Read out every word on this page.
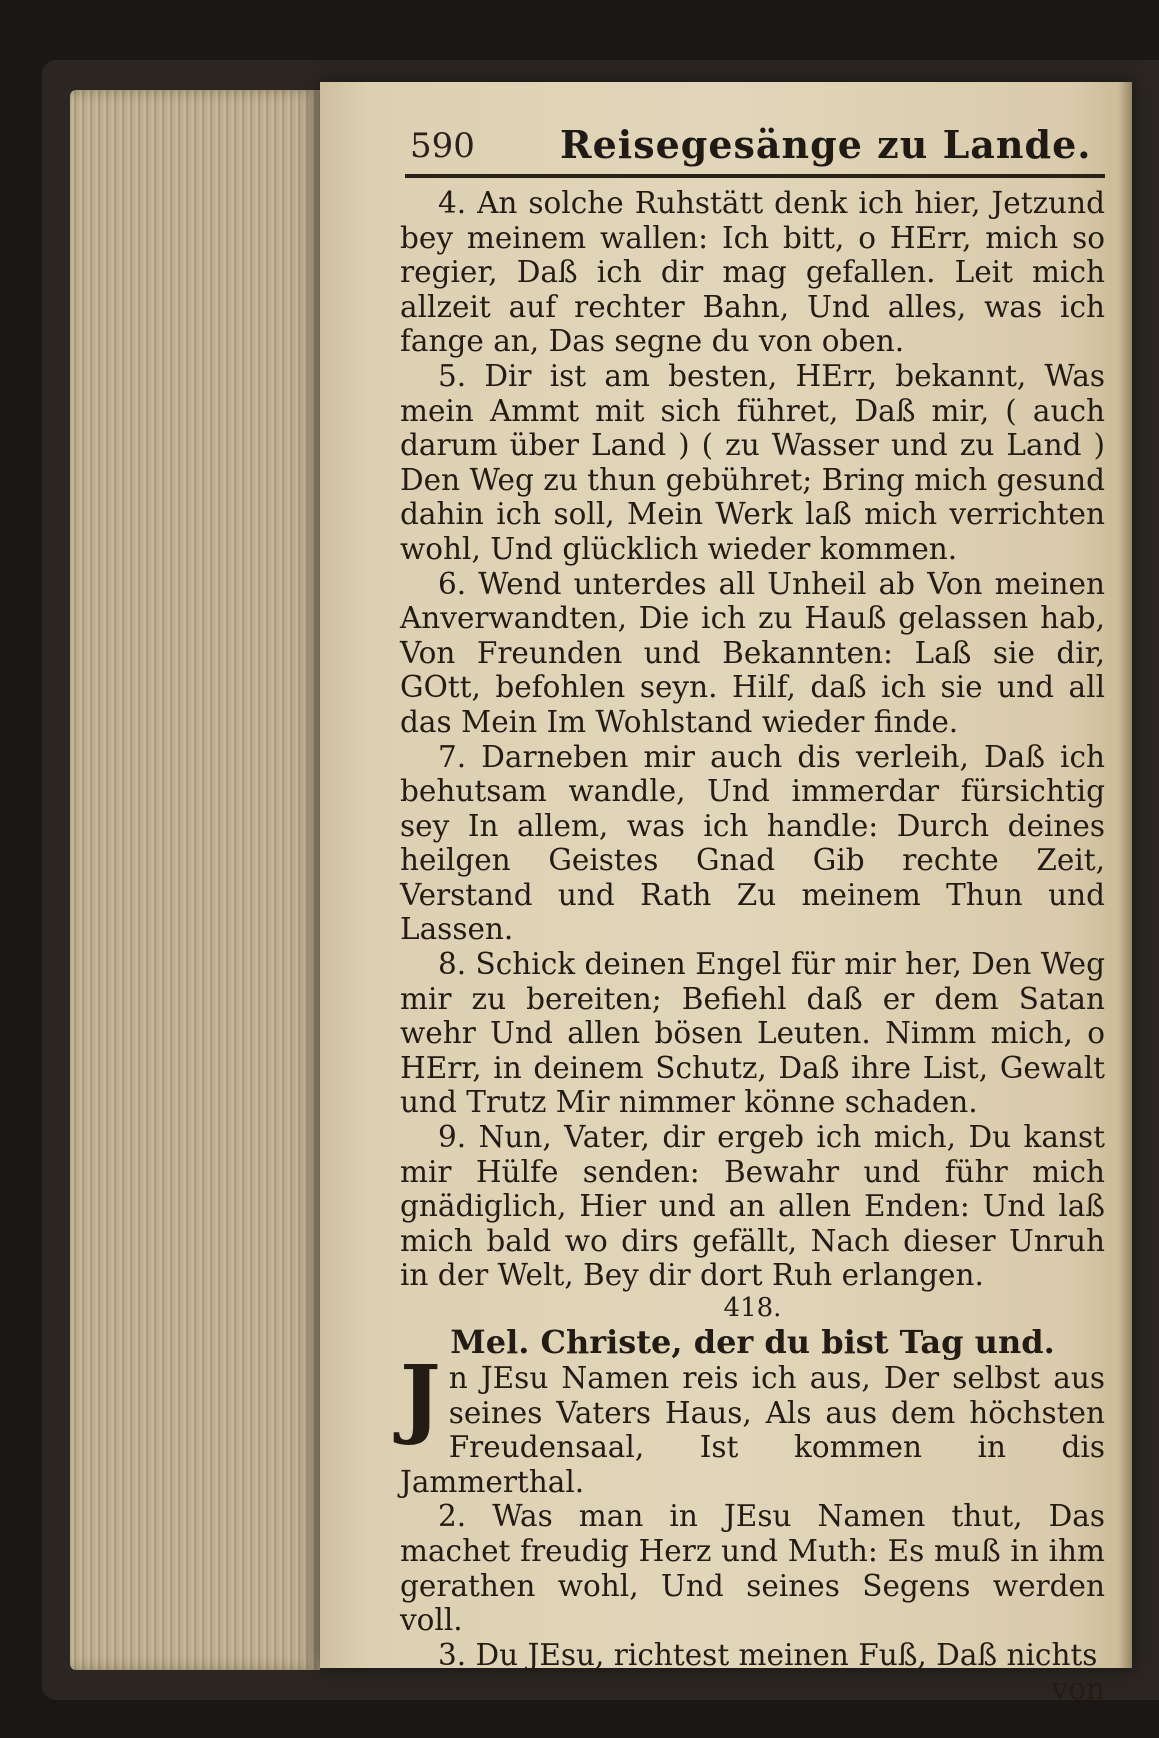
590 Reisegesänge zu Lande.

4. An solche Ruhstätt denk ich hier, Jetzund bey meinem wallen: Ich bitt, o HErr, mich so regier, Daß ich dir mag gefallen. Leit mich allzeit auf rechter Bahn, Und alles, was ich fange an, Das segne du von oben.

5. Dir ist am besten, HErr, bekannt, Was mein Ammt mit sich führet, Daß mir, ( auch darum über Land ) ( zu Wasser und zu Land ) Den Weg zu thun gebühret; Bring mich gesund dahin ich soll, Mein Werk laß mich verrichten wohl, Und glücklich wieder kommen.

6. Wend unterdes all Unheil ab Von meinen Anverwandten, Die ich zu Hauß gelassen hab, Von Freunden und Bekannten: Laß sie dir, GOtt, befohlen seyn. Hilf, daß ich sie und all das Mein Im Wohlstand wieder finde.

7. Darneben mir auch dis verleih, Daß ich behutsam wandle, Und immerdar fürsichtig sey In allem, was ich handle: Durch deines heilgen Geistes Gnad Gib rechte Zeit, Verstand und Rath Zu meinem Thun und Lassen.

8. Schick deinen Engel für mir her, Den Weg mir zu bereiten; Befiehl daß er dem Satan wehr Und allen bösen Leuten. Nimm mich, o HErr, in deinem Schutz, Daß ihre List, Gewalt und Trutz Mir nimmer könne schaden.

9. Nun, Vater, dir ergeb ich mich, Du kanst mir Hülfe senden: Bewahr und führ mich gnädiglich, Hier und an allen Enden: Und laß mich bald wo dirs gefällt, Nach dieser Unruh in der Welt, Bey dir dort Ruh erlangen.

418.

Mel. Christe, der du bist Tag und.

J n JEsu Namen reis ich aus, Der selbst aus seines Vaters Haus, Als aus dem höchsten Freudensaal, Ist kommen in dis Jammerthal.

2. Was man in JEsu Namen thut, Das machet freudig Herz und Muth: Es muß in ihm gerathen wohl, Und seines Segens werden voll.

3. Du JEsu, richtest meinen Fuß, Daß nichts

von
